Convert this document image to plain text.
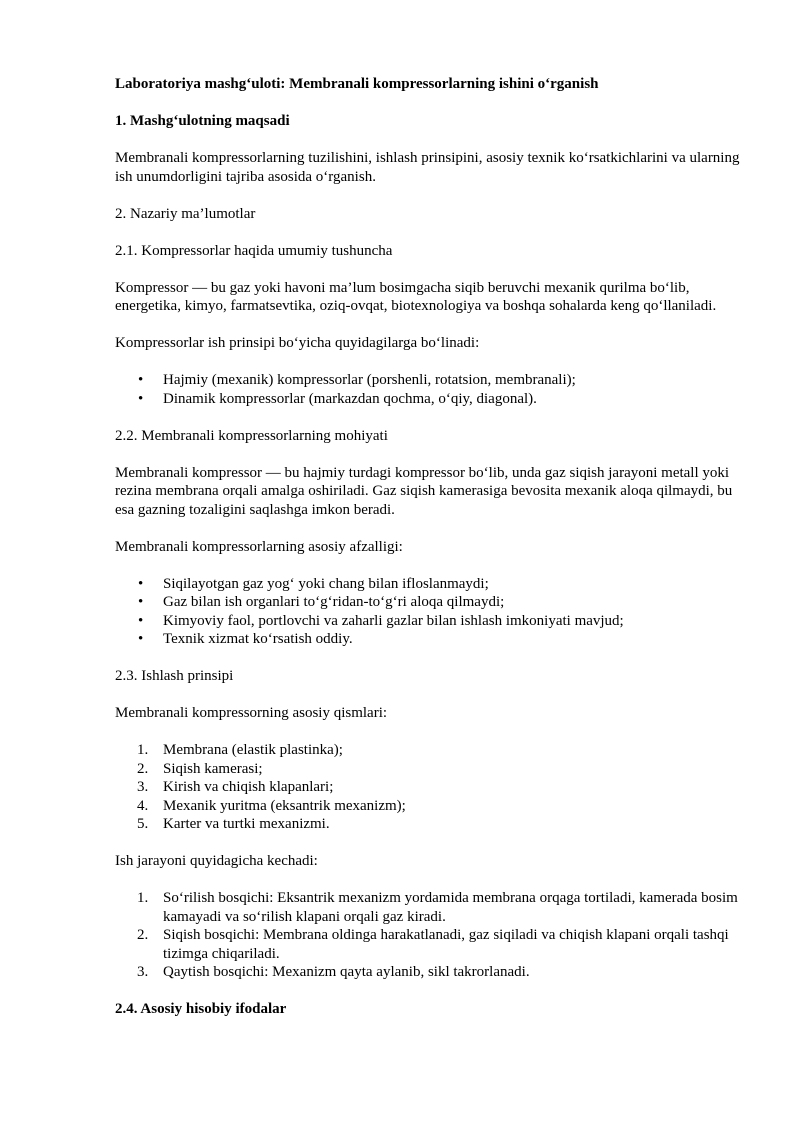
Laboratoriya mashg‘uloti: Membranali kompressorlarning ishini o‘rganish

1. Mashg‘ulotning maqsadi

Membranali kompressorlarning tuzilishini, ishlash prinsipini, asosiy texnik ko‘rsatkichlarini va ularning ish unumdorligini tajriba asosida o‘rganish.

2. Nazariy ma’lumotlar

2.1. Kompressorlar haqida umumiy tushuncha

Kompressor — bu gaz yoki havoni ma’lum bosimgacha siqib beruvchi mexanik qurilma bo‘lib, energetika, kimyo, farmatsevtika, oziq-ovqat, biotexnologiya va boshqa sohalarda keng qo‘llaniladi.

Kompressorlar ish prinsipi bo‘yicha quyidagilarga bo‘linadi:

• Hajmiy (mexanik) kompressorlar (porshenli, rotatsion, membranali);
• Dinamik kompressorlar (markazdan qochma, o‘qiy, diagonal).

2.2. Membranali kompressorlarning mohiyati

Membranali kompressor — bu hajmiy turdagi kompressor bo‘lib, unda gaz siqish jarayoni metall yoki rezina membrana orqali amalga oshiriladi. Gaz siqish kamerasiga bevosita mexanik aloqa qilmaydi, bu esa gazning tozaligini saqlashga imkon beradi.

Membranali kompressorlarning asosiy afzalligi:

• Siqilayotgan gaz yog‘ yoki chang bilan ifloslanmaydi;
• Gaz bilan ish organlari to‘g‘ridan-to‘g‘ri aloqa qilmaydi;
• Kimyoviy faol, portlovchi va zaharli gazlar bilan ishlash imkoniyati mavjud;
• Texnik xizmat ko‘rsatish oddiy.

2.3. Ishlash prinsipi

Membranali kompressorning asosiy qismlari:

1. Membrana (elastik plastinka);
2. Siqish kamerasi;
3. Kirish va chiqish klapanlari;
4. Mexanik yuritma (eksantrik mexanizm);
5. Karter va turtki mexanizmi.

Ish jarayoni quyidagicha kechadi:

1. So‘rilish bosqichi: Eksantrik mexanizm yordamida membrana orqaga tortiladi, kamerada bosim kamayadi va so‘rilish klapani orqali gaz kiradi.
2. Siqish bosqichi: Membrana oldinga harakatlanadi, gaz siqiladi va chiqish klapani orqali tashqi tizimga chiqariladi.
3. Qaytish bosqichi: Mexanizm qayta aylanib, sikl takrorlanadi.

2.4. Asosiy hisobiy ifodalar
